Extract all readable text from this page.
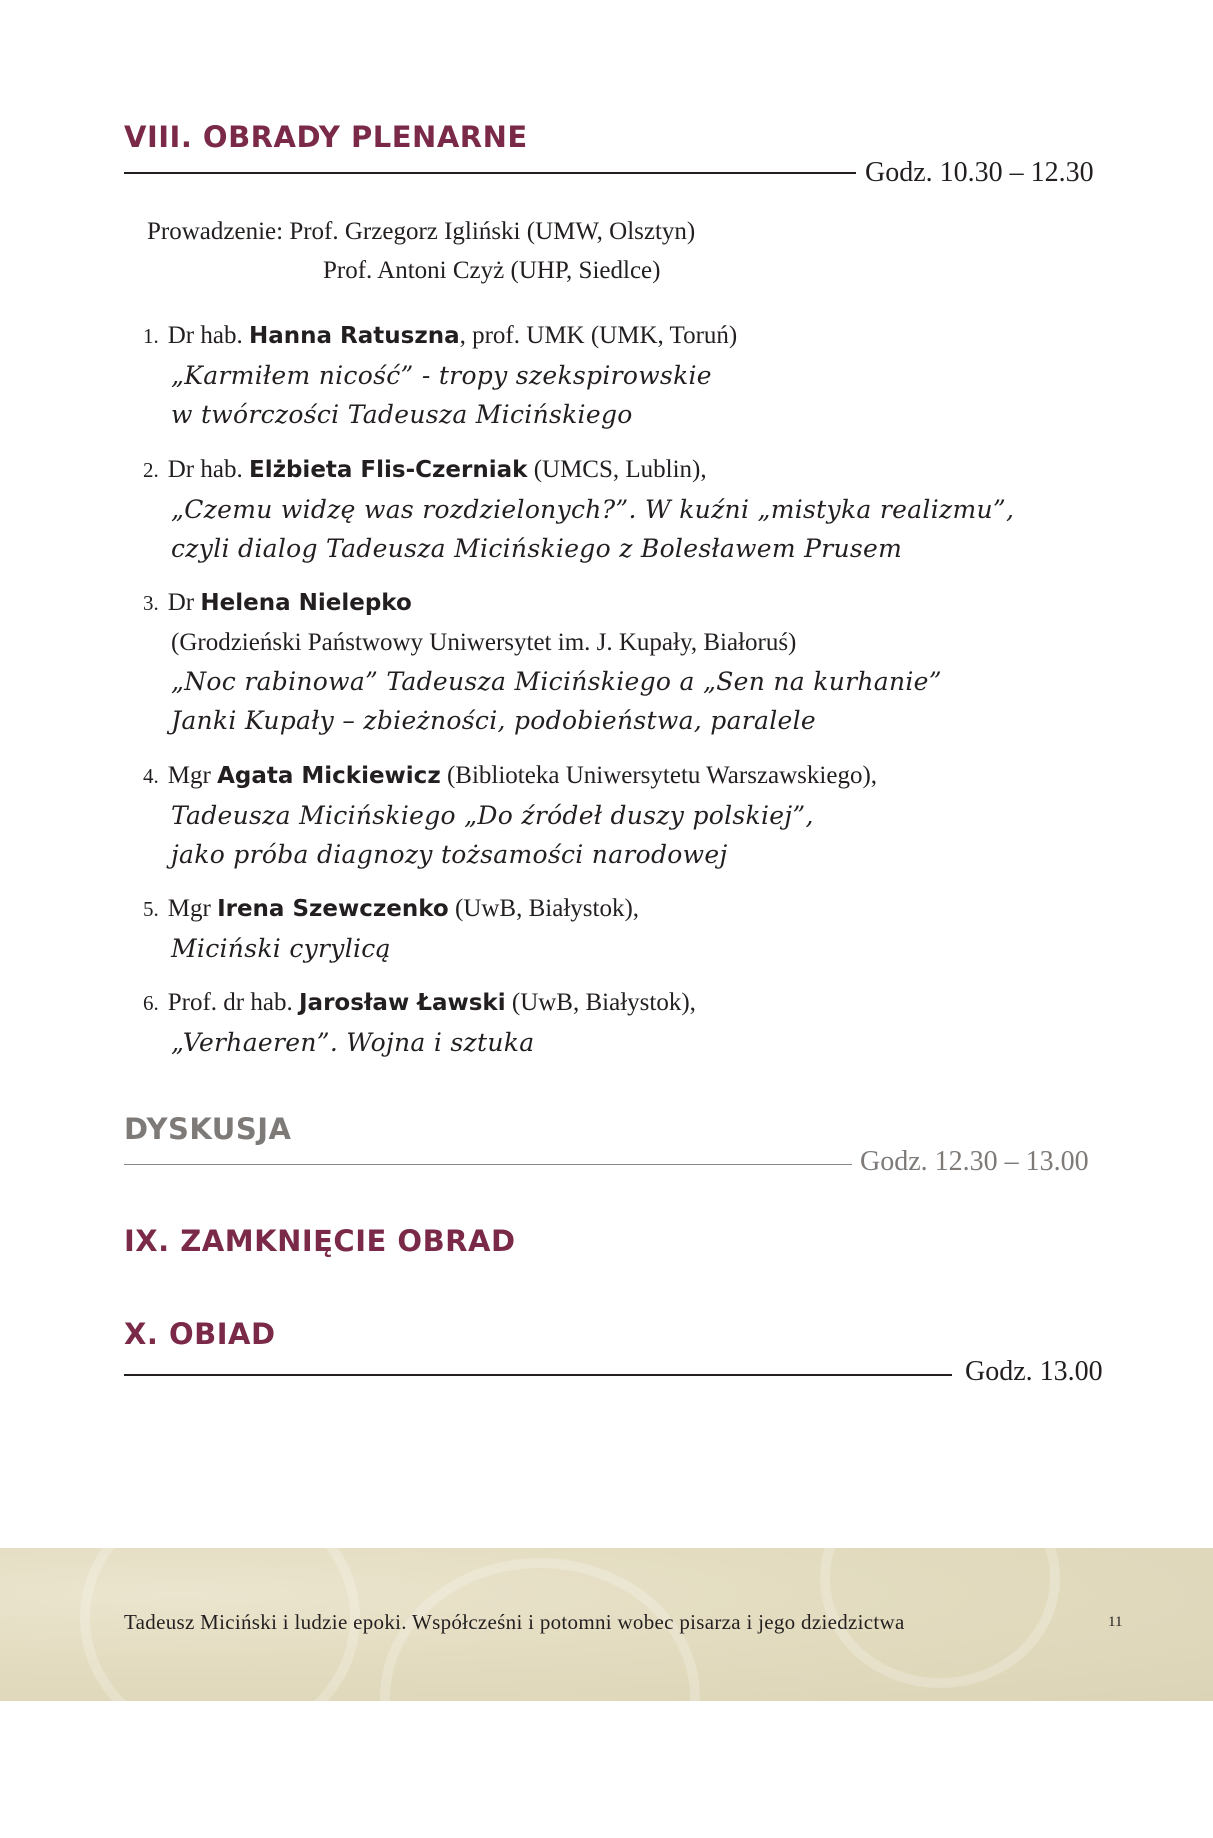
VIII. OBRADY PLENARNE
Godz. 10.30 – 12.30
Prowadzenie: Prof. Grzegorz Igliński (UMW, Olsztyn)
Prof. Antoni Czyż (UHP, Siedlce)
1. Dr hab. Hanna Ratuszna, prof. UMK (UMK, Toruń)
„Karmiłem nicość” - tropy szekspirowskie
w twórczości Tadeusza Micińskiego
2. Dr hab. Elżbieta Flis-Czerniak (UMCS, Lublin),
„Czemu widzę was rozdzielonych?”. W kuźni „mistyka realizmu”,
czyli dialog Tadeusza Micińskiego z Bolesławem Prusem
3. Dr Helena Nielepko
(Grodzieński Państwowy Uniwersytet im. J. Kupały, Białoruś)
„Noc rabinowa” Tadeusza Micińskiego a „Sen na kurhanie”
Janki Kupały – zbieżności, podobieństwa, paralele
4. Mgr Agata Mickiewicz (Biblioteka Uniwersytetu Warszawskiego),
Tadeusza Micińskiego „Do źródeł duszy polskiej”,
jako próba diagnozy tożsamości narodowej
5. Mgr Irena Szewczenko (UwB, Białystok),
Miciński cyrylicą
6. Prof. dr hab. Jarosław Ławski (UwB, Białystok),
„Verhaeren”. Wojna i sztuka
DYSKUSJA
Godz. 12.30 – 13.00
IX. ZAMKNIĘCIE OBRAD
X. OBIAD
Godz. 13.00
Tadeusz Miciński i ludzie epoki. Współcześni i potomni wobec pisarza i jego dziedzictwa	11
